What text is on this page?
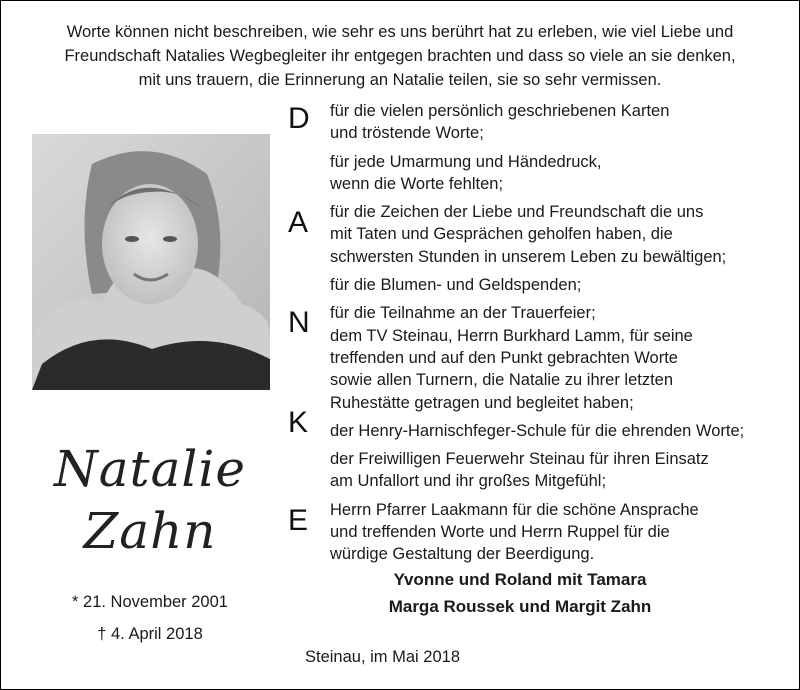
Worte können nicht beschreiben, wie sehr es uns berührt hat zu erleben, wie viel Liebe und
Freundschaft Natalies Wegbegleiter ihr entgegen brachten und dass so viele an sie denken,
mit uns trauern, die Erinnerung an Natalie teilen, sie so sehr vermissen.
Natalie
Zahn
* 21. November 2001
† 4. April 2018
D
A
N
K
E
für die vielen persönlich geschriebenen Karten
und tröstende Worte;
für jede Umarmung und Händedruck,
wenn die Worte fehlten;
für die Zeichen der Liebe und Freundschaft die uns
mit Taten und Gesprächen geholfen haben, die
schwersten Stunden in unserem Leben zu bewältigen;
für die Blumen- und Geldspenden;
für die Teilnahme an der Trauerfeier;
dem TV Steinau, Herrn Burkhard Lamm, für seine
treffenden und auf den Punkt gebrachten Worte
sowie allen Turnern, die Natalie zu ihrer letzten
Ruhestätte getragen und begleitet haben;
der Henry-Harnischfeger-Schule für die ehrenden Worte;
der Freiwilligen Feuerwehr Steinau für ihren Einsatz
am Unfallort und ihr großes Mitgefühl;
Herrn Pfarrer Laakmann für die schöne Ansprache
und treffenden Worte und Herrn Ruppel für die
würdige Gestaltung der Beerdigung.
Yvonne und Roland mit Tamara
Marga Roussek und Margit Zahn
Steinau, im Mai 2018
